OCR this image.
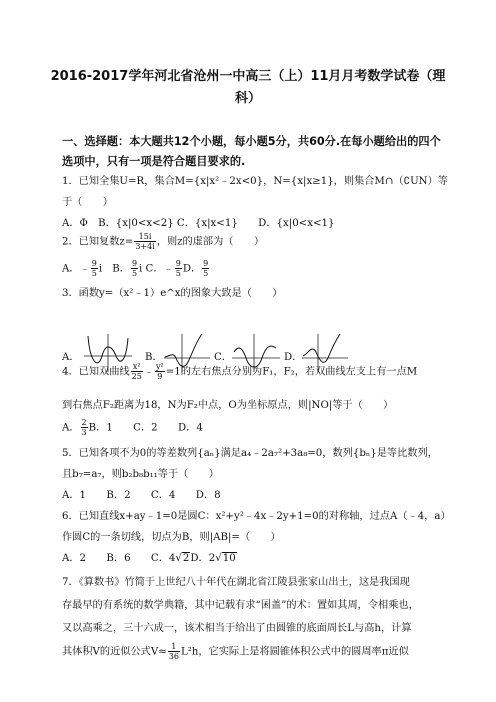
2016-2017学年河北省沧州一中高三（上）11月月考数学试卷（理
科）
一、选择题：本大题共12个小题，每小题5分，共60分.在每小题给出的四个
选项中，只有一项是符合题目要求的.
1．已知全集U=R，集合M={x|x²﹣2x<0}，N={x|x≥1}，则集合M∩（∁UN）等
于（　　）
A．Φ　B．{x|0<x<2} C．{x|x<1}　　D．{x|0<x<1}
2．已知复数$z= \frac{15i}{3+4i}$ ，则z的虚部为（　　）
A．﹣ $\frac{9}{5}$ i　B． $\frac{9}{5}$ i C．﹣ $\frac{9}{5}$ D． $\frac{9}{5}$
3．函数y=（x²﹣1）e^x的图象大致是（　　）
A．	B．	C．	D．
4．已知双曲线 $\frac{\text{x²}}{25}$ ﹣ $\frac{\text{y²}}{9} =1$的左右焦点分别为F₁，F₂，若双曲线左支上有一点M
到右焦点F₂距离为18，N为F₂中点，O为坐标原点，则|NO|等于（　　）
A． $\frac{2}{3}$ B．1　　C．2　　D．4
5．已知各项不为0的等差数列{aₙ}满足a₄﹣2a₇²+3a₈=0，数列{bₙ}是等比数列，
且b₇=a₇，则b₂b₈b₁₁等于（　　）
A．1　　B．2　　C．4　　D．8
6．已知直线x+ay﹣1=0是圆C：x²+y²﹣4x﹣2y+1=0的对称轴，过点A（﹣4，a）
作圆C的一条切线，切点为B，则|AB|=（　　）
A．2　　B．6　　C．4√2D．2√10
7．《算数书》竹简于上世纪八十年代在湖北省江陵县张家山出土，这是我国现
存最早的有系统的数学典籍，其中记载有求“囷盖”的术：置如其周，令相乘也，
又以高乘之，三十六成一，该术相当于给出了由圆锥的底面周长L与高h，计算
其体积V的近似公式$V\approx \frac{1}{36} L^2h$，它实际上是将圆锥体积公式中的圆周率π近似
